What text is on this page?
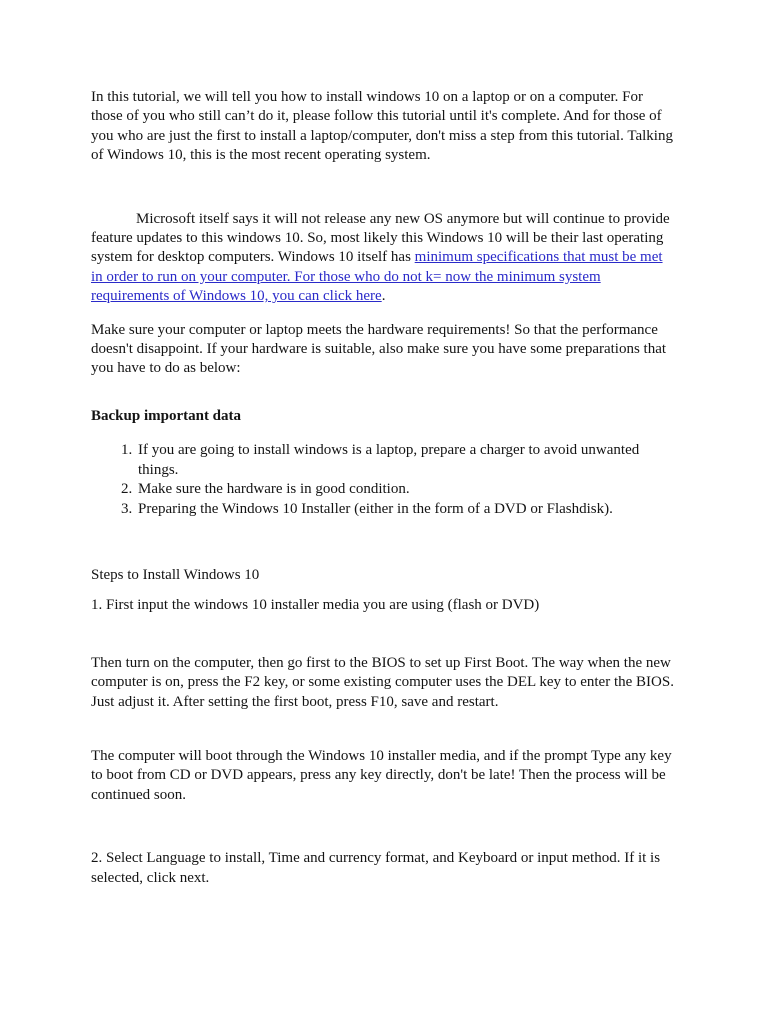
In this tutorial, we will tell you how to install windows 10 on a laptop or on a computer. For those of you who still can’t do it, please follow this tutorial until it's complete. And for those of you who are just the first to install a laptop/computer, don't miss a step from this tutorial. Talking of Windows 10, this is the most recent operating system.

Microsoft itself says it will not release any new OS anymore but will continue to provide feature updates to this windows 10. So, most likely this Windows 10 will be their last operating system for desktop computers. Windows 10 itself has minimum specifications that must be met in order to run on your computer. For those who do not k= now the minimum system requirements of Windows 10, you can click here.

Make sure your computer or laptop meets the hardware requirements! So that the performance doesn't disappoint. If your hardware is suitable, also make sure you have some preparations that you have to do as below:

Backup important data

1. If you are going to install windows is a laptop, prepare a charger to avoid unwanted things.
2. Make sure the hardware is in good condition.
3. Preparing the Windows 10 Installer (either in the form of a DVD or Flashdisk).

Steps to Install Windows 10

1. First input the windows 10 installer media you are using (flash or DVD)

Then turn on the computer, then go first to the BIOS to set up First Boot. The way when the new computer is on, press the F2 key, or some existing computer uses the DEL key to enter the BIOS. Just adjust it. After setting the first boot, press F10, save and restart.

The computer will boot through the Windows 10 installer media, and if the prompt Type any key to boot from CD or DVD appears, press any key directly, don't be late! Then the process will be continued soon.

2. Select Language to install, Time and currency format, and Keyboard or input method. If it is selected, click next.
